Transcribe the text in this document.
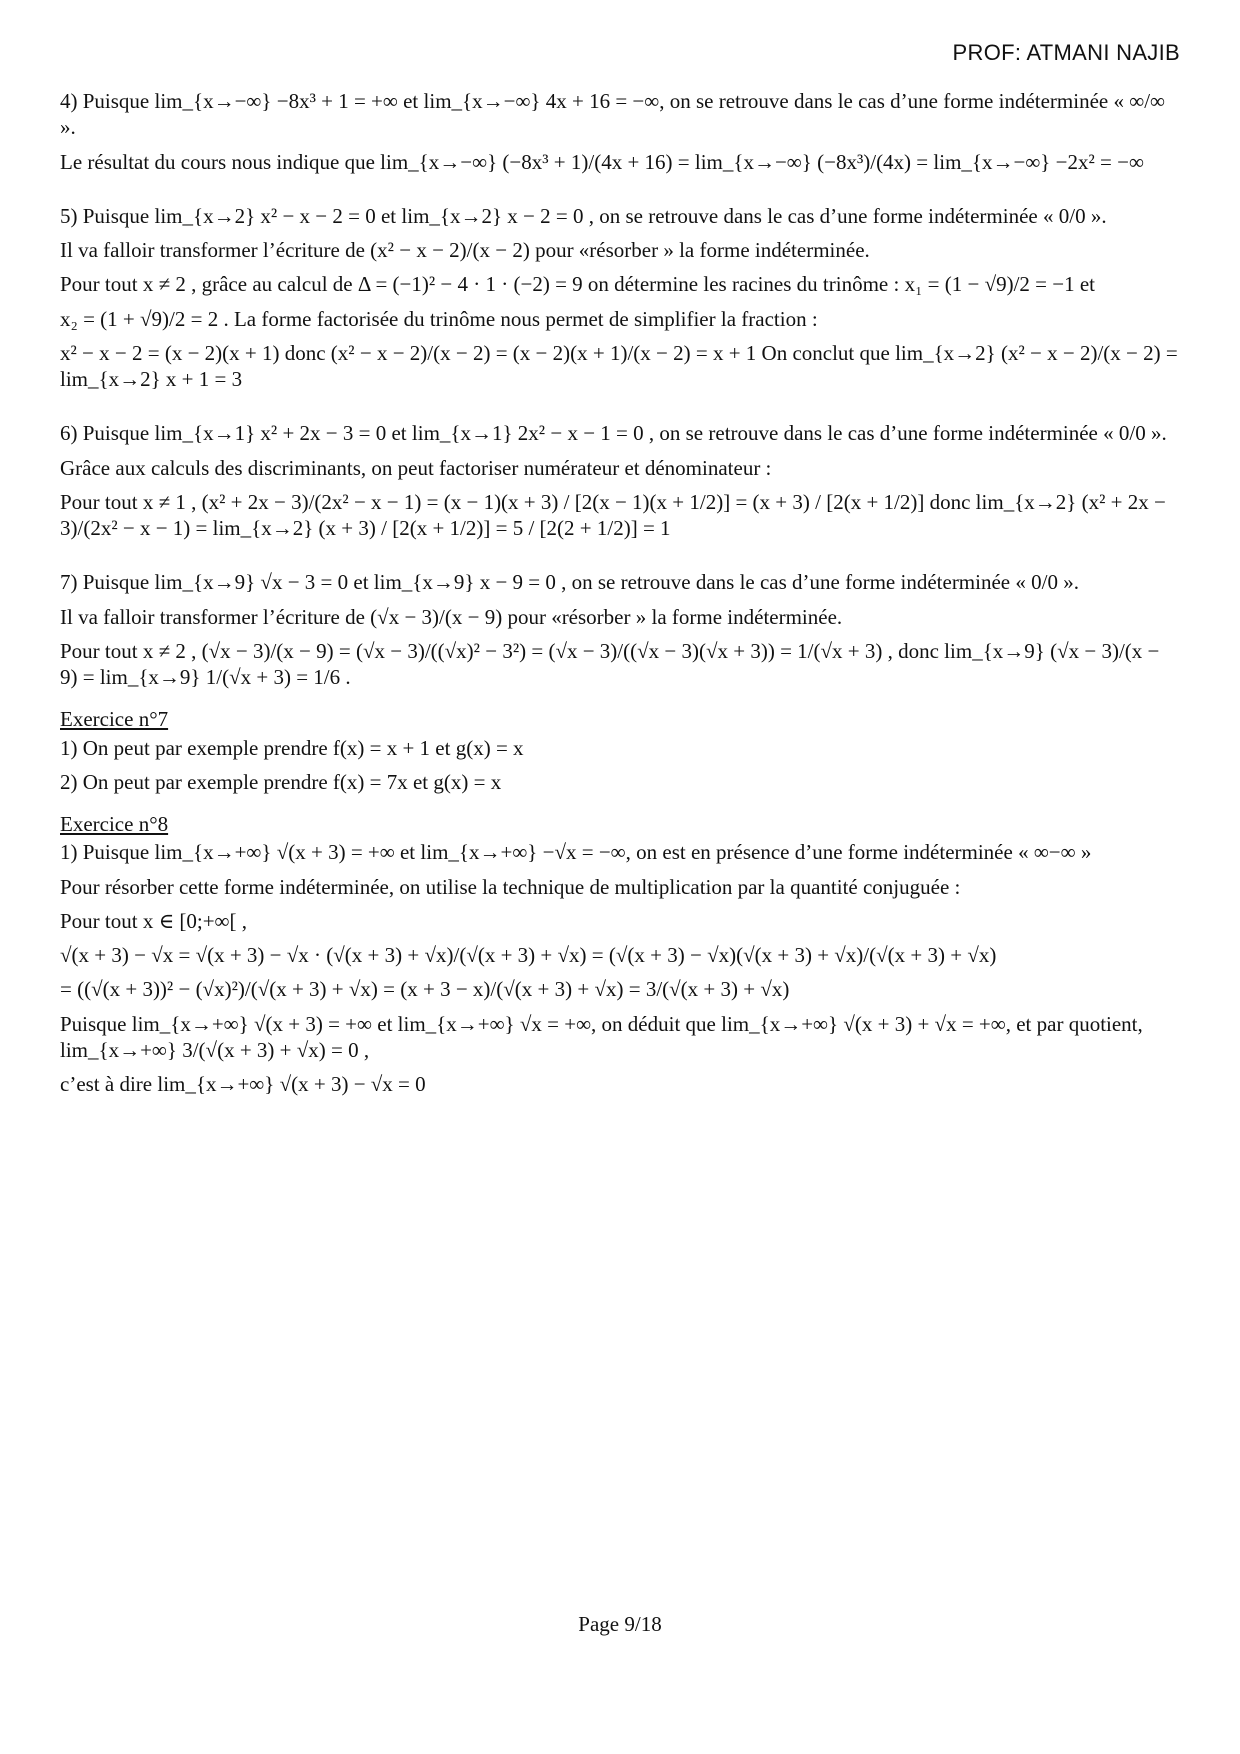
PROF: ATMANI NAJIB
4) Puisque lim_{x→−∞} −8x³ + 1 = +∞ et lim_{x→−∞} 4x + 16 = −∞, on se retrouve dans le cas d’une forme indéterminée « ∞/∞ ».
Le résultat du cours nous indique que lim_{x→−∞} (−8x³ + 1)/(4x + 16) = lim_{x→−∞} (−8x³)/(4x) = lim_{x→−∞} −2x² = −∞
5) Puisque lim_{x→2} x² − x − 2 = 0 et lim_{x→2} x − 2 = 0 , on se retrouve dans le cas d’une forme indéterminée « 0/0 ».
Il va falloir transformer l’écriture de (x² − x − 2)/(x − 2) pour «résorber » la forme indéterminée.
Pour tout x ≠ 2 , grâce au calcul de Δ = (−1)² − 4 · 1 · (−2) = 9 on détermine les racines du trinôme : x₁ = (1 − √9)/2 = −1 et
x₂ = (1 + √9)/2 = 2 . La forme factorisée du trinôme nous permet de simplifier la fraction :
x² − x − 2 = (x − 2)(x + 1) donc (x² − x − 2)/(x − 2) = (x − 2)(x + 1)/(x − 2) = x + 1 On conclut que lim_{x→2} (x² − x − 2)/(x − 2) = lim_{x→2} x + 1 = 3
6) Puisque lim_{x→1} x² + 2x − 3 = 0 et lim_{x→1} 2x² − x − 1 = 0 , on se retrouve dans le cas d’une forme indéterminée « 0/0 ».
Grâce aux calculs des discriminants, on peut factoriser numérateur et dénominateur :
Pour tout x ≠ 1 , (x² + 2x − 3)/(2x² − x − 1) = (x − 1)(x + 3) / [2(x − 1)(x + 1/2)] = (x + 3) / [2(x + 1/2)] donc lim_{x→2} (x² + 2x − 3)/(2x² − x − 1) = lim_{x→2} (x + 3) / [2(x + 1/2)] = 5 / [2(2 + 1/2)] = 1
7) Puisque lim_{x→9} √x − 3 = 0 et lim_{x→9} x − 9 = 0 , on se retrouve dans le cas d’une forme indéterminée « 0/0 ».
Il va falloir transformer l’écriture de (√x − 3)/(x − 9) pour «résorber » la forme indéterminée.
Pour tout x ≠ 2 , (√x − 3)/(x − 9) = (√x − 3)/((√x)² − 3²) = (√x − 3)/((√x − 3)(√x + 3)) = 1/(√x + 3) , donc lim_{x→9} (√x − 3)/(x − 9) = lim_{x→9} 1/(√x + 3) = 1/6 .
Exercice n°7
1) On peut par exemple prendre f(x) = x + 1 et g(x) = x
2) On peut par exemple prendre f(x) = 7x et g(x) = x
Exercice n°8
1) Puisque lim_{x→+∞} √(x + 3) = +∞ et lim_{x→+∞} −√x = −∞, on est en présence d’une forme indéterminée « ∞−∞ »
Pour résorber cette forme indéterminée, on utilise la technique de multiplication par la quantité conjuguée :
Pour tout x ∈ [0;+∞[ ,
√(x + 3) − √x = √(x + 3) − √x · (√(x + 3) + √x)/(√(x + 3) + √x) = (√(x + 3) − √x)(√(x + 3) + √x)/(√(x + 3) + √x)
= ((√(x + 3))² − (√x)²)/(√(x + 3) + √x) = (x + 3 − x)/(√(x + 3) + √x) = 3/(√(x + 3) + √x)
Puisque lim_{x→+∞} √(x + 3) = +∞ et lim_{x→+∞} √x = +∞, on déduit que lim_{x→+∞} √(x + 3) + √x = +∞, et par quotient, lim_{x→+∞} 3/(√(x + 3) + √x) = 0 ,
c’est à dire lim_{x→+∞} √(x + 3) − √x = 0
Page 9/18
